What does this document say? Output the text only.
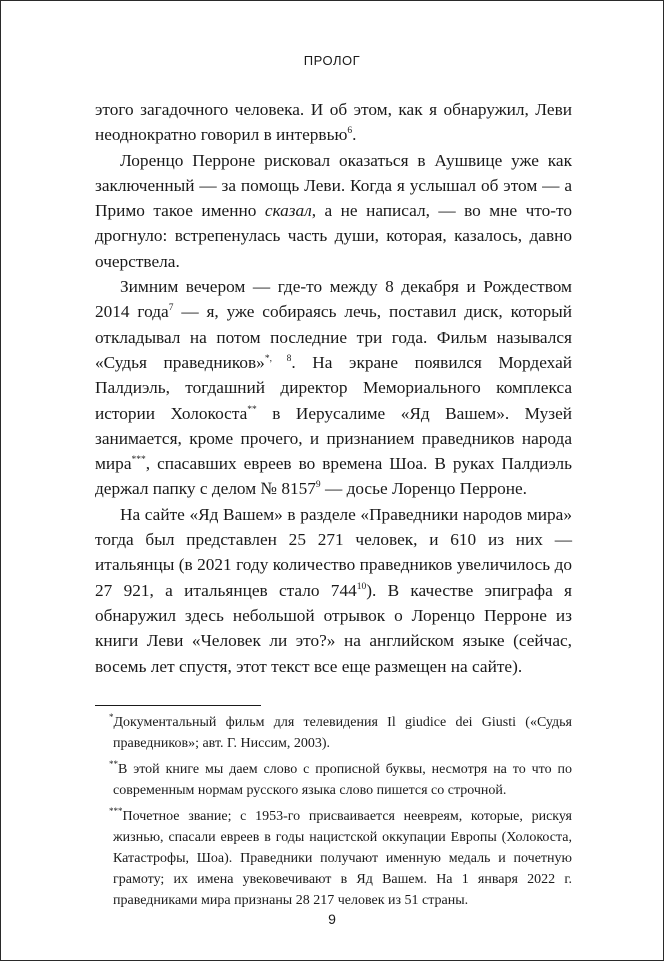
ПРОЛОГ

этого загадочного человека. И об этом, как я обнаружил, Леви неоднократно говорил в интервью$^6$.

Лоренцо Перроне рисковал оказаться в Аушвице уже как заключенный — за помощь Леви. Когда я услышал об этом — а Примо такое именно сказал, а не написал, — во мне что-то дрогнуло: встрепенулась часть души, которая, казалось, давно очерствела.

Зимним вечером — где-то между 8 декабря и Рождеством 2014 года$^7$ — я, уже собираясь лечь, поставил диск, который откладывал на потом последние три года. Фильм назывался «Судья праведников»$^{*, 8}$. На экране появился Мордехай Палдиэль, тогдашний директор Мемориального комплекса истории Холокоста** в Иерусалиме «Яд Вашем». Музей занимается, кроме прочего, и признанием праведников народа мира***, спасавших евреев во времена Шоа. В руках Палдиэль держал папку с делом № 8157$^9$ — досье Лоренцо Перроне.

На сайте «Яд Вашем» в разделе «Праведники народов мира» тогда был представлен 25 271 человек, и 610 из них — итальянцы (в 2021 году количество праведников увеличилось до 27 921, а итальянцев стало $744^{10}$). В качестве эпиграфа я обнаружил здесь небольшой отрывок о Лоренцо Перроне из книги Леви «Человек ли это?» на английском языке (сейчас, восемь лет спустя, этот текст все еще размещен на сайте).

*Документальный фильм для телевидения Il giudice dei Giusti («Судья праведников»; авт. Г. Ниссим, 2003).
**В этой книге мы даем слово с прописной буквы, несмотря на то что по современным нормам русского языка слово пишется со строчной.
***Почетное звание; с 1953-го присваивается неевреям, которые, рискуя жизнью, спасали евреев в годы нацистской оккупации Европы (Холокоста, Катастрофы, Шоа). Праведники получают именную медаль и почетную грамоту; их имена увековечивают в Яд Вашем. На 1 января 2022 г. праведниками мира признаны 28 217 человек из 51 страны.
9
